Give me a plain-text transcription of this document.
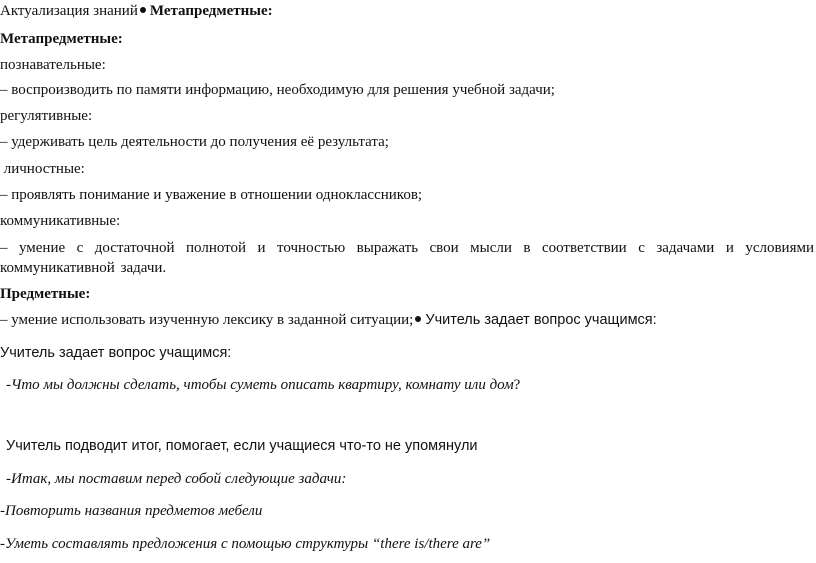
Актуализация знаний Метапредметные:
Метапредметные:
познавательные:
– воспроизводить по памяти информацию, необходимую для решения учебной задачи;
регулятивные:
– удерживать цель деятельности до получения её результата;
личностные:
– проявлять понимание и уважение в отношении одноклассников;
коммуникативные:
– умение с достаточной полнотой и точностью выражать свои мысли в соответствии с задачами и условиями коммуникативной задачи.
Предметные:
– умение использовать изученную лексику в заданной ситуации; Учитель задает вопрос учащимся:
Учитель задает вопрос учащимся:
-Что мы должны сделать, чтобы суметь описать квартиру, комнату или дом?
Учитель подводит итог, помогает, если учащиеся что-то не упомянули
-Итак, мы поставим перед собой следующие задачи:
-Повторить названия предметов мебели
-Уметь составлять предложения с помощью структуры “there is/there are”
